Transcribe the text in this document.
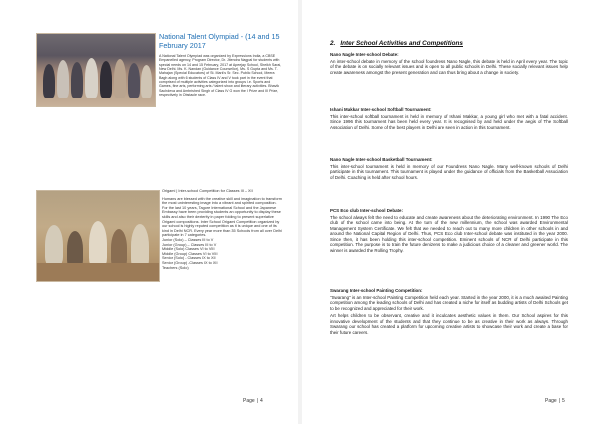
National Talent Olympiad - (14 and 15 February 2017
A National Talent Olympiad was organized by Expressions India, a CBSE Empanelled agency, Program Director, Dr. Jitendra Nagpal for students with special needs on 14 and 15 February, 2017 at Apeejay School, Sheikh Sarai, New Delhi. Ms. K. Nandan (Guidance Counsellor), Ms. S Gupta and Ms. T. Mahajan (Special Educators) of St. Mark's Sr. Sec. Public School, Meera Bagh along with 6 students of Class IV and V took part in the event that comprised of multiple activities categorized into groups i.e. Sports and Games, fine arts, performing arts / talent show and literary activities. Bhavik Sachdeva and Ambrished Singh of Class IV G won the I Prize and III Prize, respectively in Obstacle race.
Origami | Inter-school Competition for Classes III – XII
Humans are blessed with the creative skill and imagination to transform the most uninteresting image into a vibrant and spirited composition. For the last 10 years, Tagore International School and the Japanese Embassy have been providing students an opportunity to display these skills and also their dexterity in paper folding to present superlative Origami compositions. Inter School Origami Competition organized by our school is highly reputed competition as it is unique and one of its kind in Delhi NCR. Every year more than 35 Schools from all over Delhi participate in 7 categories.
Junior (Solo) – Classes III to V
Junior (Group) – Classes III to V
Middle (Solo) Classes VI to VIII
Middle (Group) Classes VI to VIII
Senior (Solo) - Classes IX to XII
Senior (Group) -Classes IX to XII
Teachers (Solo)
Page | 4
2. Inter School Activities and Competitions
Nano Nagle Inter-school Debate:

An inter-school debate in memory of the school foundress Nano Nagle, this debate is held in April every year. The topic of the debate is on socially relevant issues and is open to all public schools in Delhi. These socially relevant issues help create awareness amongst the present generation and can thus bring about a change in society.

Ishani Makkar Inter-school Softball Tournament:

This inter-school softball tournament is held in memory of Ishani Makkar, a young girl who met with a fatal accident. Since 1996 this tournament has been held every year. It is recognised by and held under the aegis of The Softball Association of Delhi. Some of the best players in Delhi are seen in action in this tournament.

Nano Nagle Inter-school Basketball Tournament:

This inter-school tournament is held in memory of our Foundress Nano Nagle. Many well-known schools of Delhi participate in this tournament. This tournament is played under the guidance of officials from the Basketball Association of Delhi. Coaching is held after school hours.

PCS Eco club Inter-school Debate:

The school always felt the need to educate and create awareness about the deteriorating environment. In 1990 The Eco club of the school came into being. At the turn of the new millennium, the school was awarded Environmental Management System Certificate. We felt that we needed to reach out to many more children in other schools in and around the National Capital Region of Delhi. Thus, PCS Eco club Inter-school debate was instituted in the year 2000. Since then, it has been holding this inter-school competition. Eminent schools of NCR of Delhi participate in this competition. The purpose is to train the future denizens to make a judicious choice of a cleaner and greener world. The winner is awarded the Rolling Trophy.

Swarang Inter-school Painting Competition:

"Swarang" is an Inter-school Painting Competition held each year. Started in the year 2000, it is a much awaited Painting competition among the leading schools of Delhi and has created a niche for itself as budding artists of Delhi Schools get to be recognized and appreciated for their work.

Art helps children to be observant, creative and it inculcates aesthetic values in them. Our School aspires for this innovative development of the students and that they continue to be as creative in their work as always. Through Swarang our school has created a platform for upcoming creative artists to showcase their work and create a base for their future careers.

Page | 5
